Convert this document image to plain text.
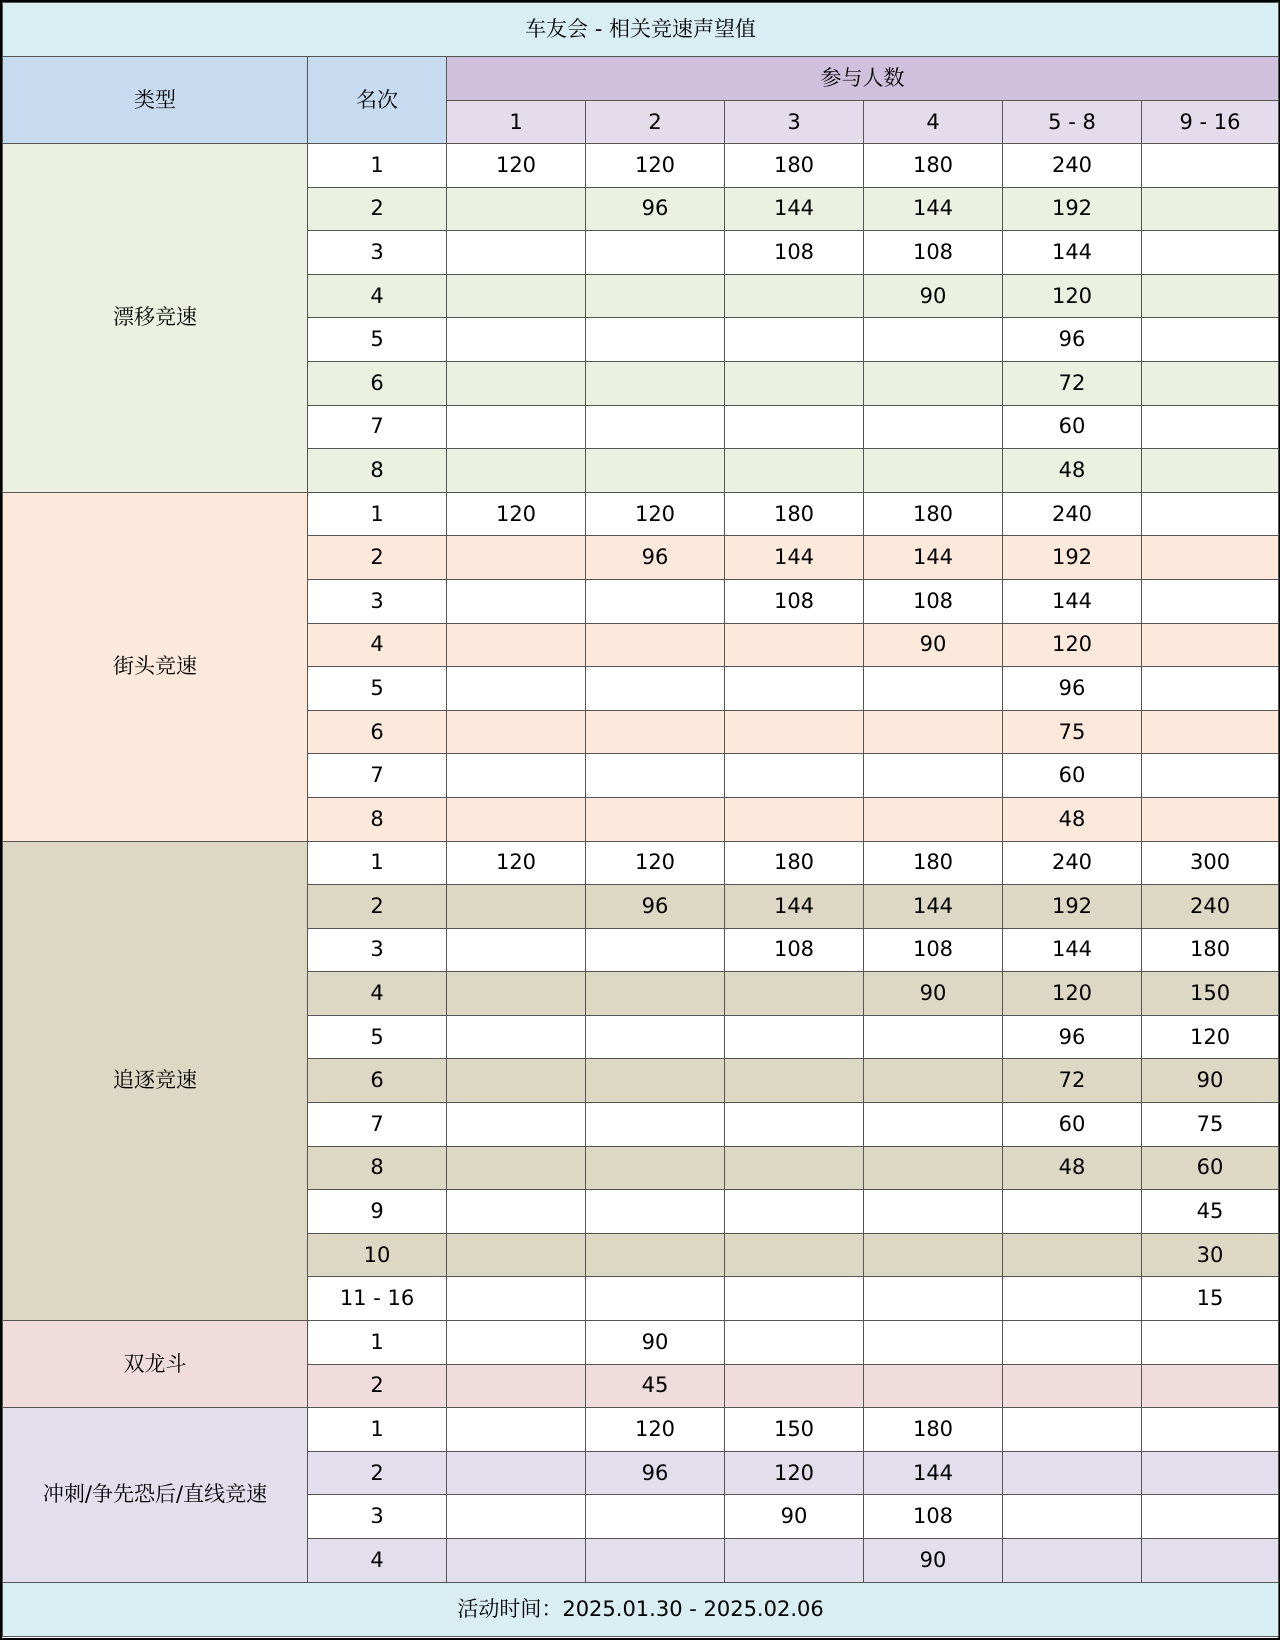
车友会 - 相关竞速声望值							
类型	名次	参与人数					
		1	2	3	4	5 - 8	9 - 16
漂移竞速	1	120	120	180	180	240	
	2		96	144	144	192	
	3			108	108	144	
	4				90	120	
	5					96	
	6					72	
	7					60	
	8					48	
街头竞速	1	120	120	180	180	240	
	2		96	144	144	192	
	3			108	108	144	
	4				90	120	
	5					96	
	6					75	
	7					60	
	8					48	
追逐竞速	1	120	120	180	180	240	300
	2		96	144	144	192	240
	3			108	108	144	180
	4				90	120	150
	5					96	120
	6					72	90
	7					60	75
	8					48	60
	9						45
	10						30
	11 - 16						15
双龙斗	1		90				
	2		45				
冲刺/争先恐后/直线竞速	1		120	150	180		
	2		96	120	144		
	3			90	108		
	4				90		
活动时间：2025.01.30 - 2025.02.06							
